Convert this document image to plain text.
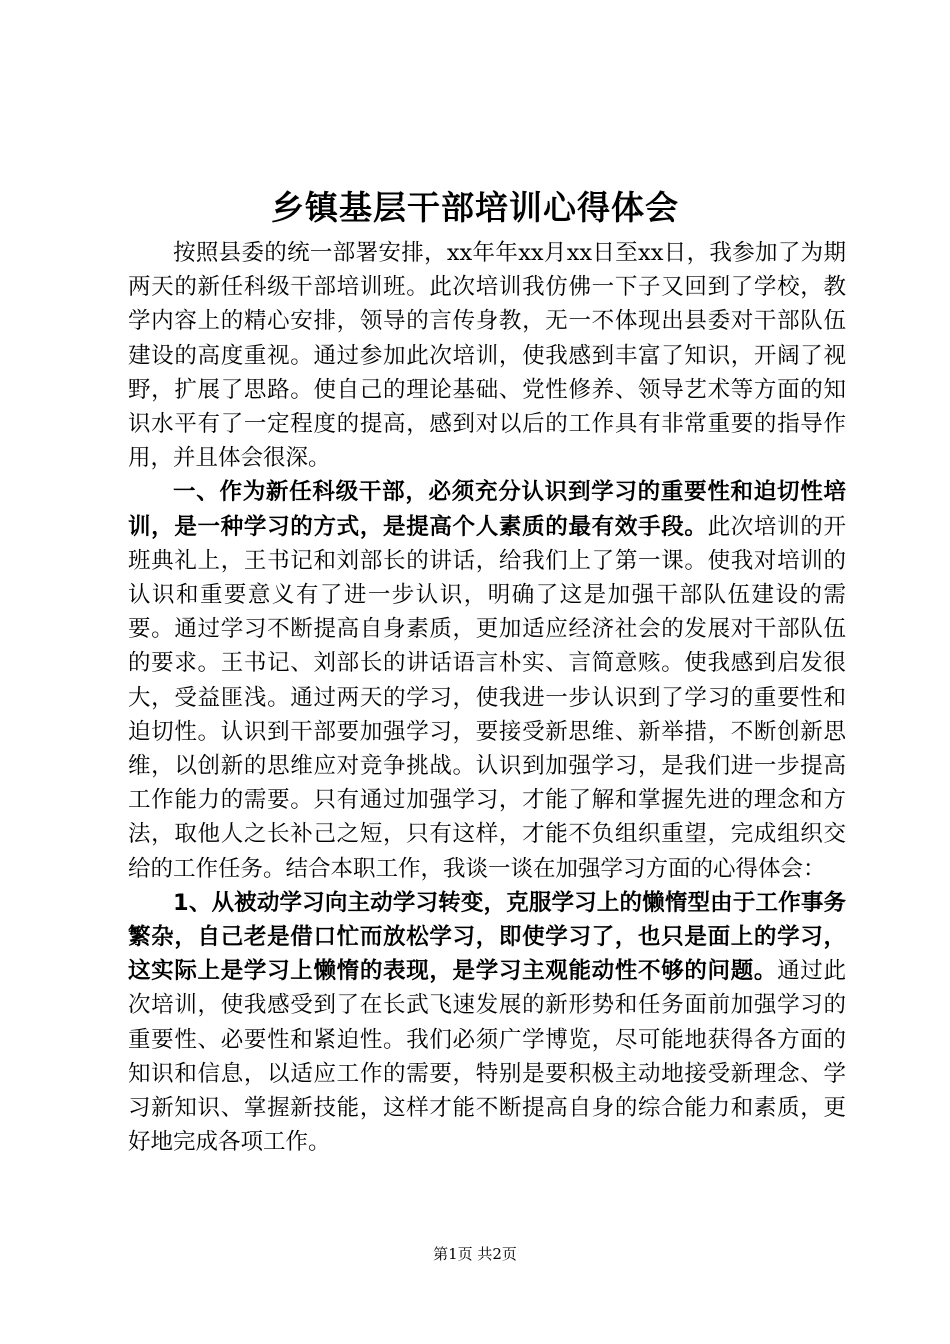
乡镇基层干部培训心得体会

按照县委的统一部署安排，xx年年xx月xx日至xx日，我参加了为期两天的新任科级干部培训班。此次培训我仿佛一下子又回到了学校，教学内容上的精心安排，领导的言传身教，无一不体现出县委对干部队伍建设的高度重视。通过参加此次培训，使我感到丰富了知识，开阔了视野，扩展了思路。使自己的理论基础、党性修养、领导艺术等方面的知识水平有了一定程度的提高，感到对以后的工作具有非常重要的指导作用，并且体会很深。

一、作为新任科级干部，必须充分认识到学习的重要性和迫切性培训，是一种学习的方式，是提高个人素质的最有效手段。此次培训的开班典礼上，王书记和刘部长的讲话，给我们上了第一课。使我对培训的认识和重要意义有了进一步认识，明确了这是加强干部队伍建设的需要。通过学习不断提高自身素质，更加适应经济社会的发展对干部队伍的要求。王书记、刘部长的讲话语言朴实、言简意赅。使我感到启发很大，受益匪浅。通过两天的学习，使我进一步认识到了学习的重要性和迫切性。认识到干部要加强学习，要接受新思维、新举措，不断创新思维，以创新的思维应对竞争挑战。认识到加强学习，是我们进一步提高工作能力的需要。只有通过加强学习，才能了解和掌握先进的理念和方法，取他人之长补己之短，只有这样，才能不负组织重望，完成组织交给的工作任务。结合本职工作，我谈一谈在加强学习方面的心得体会：

1、从被动学习向主动学习转变，克服学习上的懒惰型由于工作事务繁杂，自己老是借口忙而放松学习，即使学习了，也只是面上的学习，这实际上是学习上懒惰的表现，是学习主观能动性不够的问题。通过此次培训，使我感受到了在长武飞速发展的新形势和任务面前加强学习的重要性、必要性和紧迫性。我们必须广学博览，尽可能地获得各方面的知识和信息，以适应工作的需要，特别是要积极主动地接受新理念、学习新知识、掌握新技能，这样才能不断提高自身的综合能力和素质，更好地完成各项工作。

第1页 共2页
